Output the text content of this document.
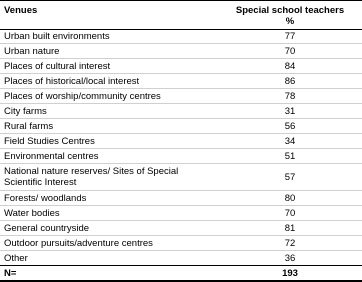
Venues	Special school teachers
%
Urban built environments	77
Urban nature	70
Places of cultural interest	84
Places of historical/local interest	86
Places of worship/community centres	78
City farms	31
Rural farms	56
Field Studies Centres	34
Environmental centres	51
National nature reserves/ Sites of Special
Scientific Interest	57
Forests/ woodlands	80
Water bodies	70
General countryside	81
Outdoor pursuits/adventure centres	72
Other	36
N=	193
